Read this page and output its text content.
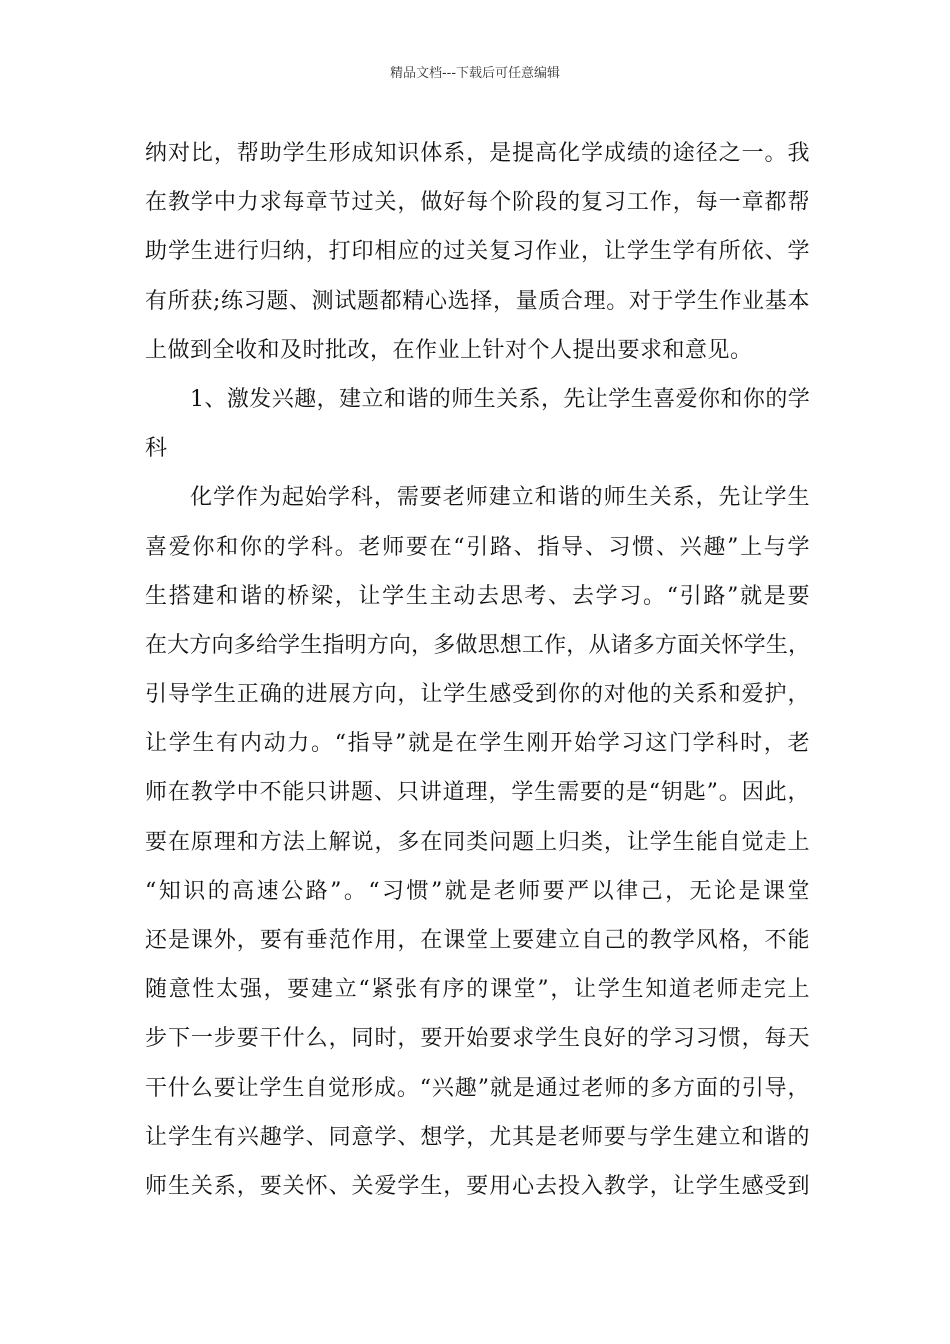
精品文档---下载后可任意编辑
纳对比，帮助学生形成知识体系，是提高化学成绩的途径之一。我
在教学中力求每章节过关，做好每个阶段的复习工作，每一章都帮
助学生进行归纳，打印相应的过关复习作业，让学生学有所依、学
有所获;练习题、测试题都精心选择，量质合理。对于学生作业基本
上做到全收和及时批改，在作业上针对个人提出要求和意见。
1、激发兴趣，建立和谐的师生关系，先让学生喜爱你和你的学
科
化学作为起始学科，需要老师建立和谐的师生关系，先让学生
喜爱你和你的学科。老师要在“引路、指导、习惯、兴趣”上与学
生搭建和谐的桥梁，让学生主动去思考、去学习。“引路”就是要
在大方向多给学生指明方向，多做思想工作，从诸多方面关怀学生，
引导学生正确的进展方向，让学生感受到你的对他的关系和爱护，
让学生有内动力。“指导”就是在学生刚开始学习这门学科时，老
师在教学中不能只讲题、只讲道理，学生需要的是“钥匙”。因此，
要在原理和方法上解说，多在同类问题上归类，让学生能自觉走上
“知识的高速公路”。“习惯”就是老师要严以律己，无论是课堂
还是课外，要有垂范作用，在课堂上要建立自己的教学风格，不能
随意性太强，要建立“紧张有序的课堂”，让学生知道老师走完上
步下一步要干什么，同时，要开始要求学生良好的学习习惯，每天
干什么要让学生自觉形成。“兴趣”就是通过老师的多方面的引导，
让学生有兴趣学、同意学、想学，尤其是老师要与学生建立和谐的
师生关系，要关怀、关爱学生，要用心去投入教学，让学生感受到
